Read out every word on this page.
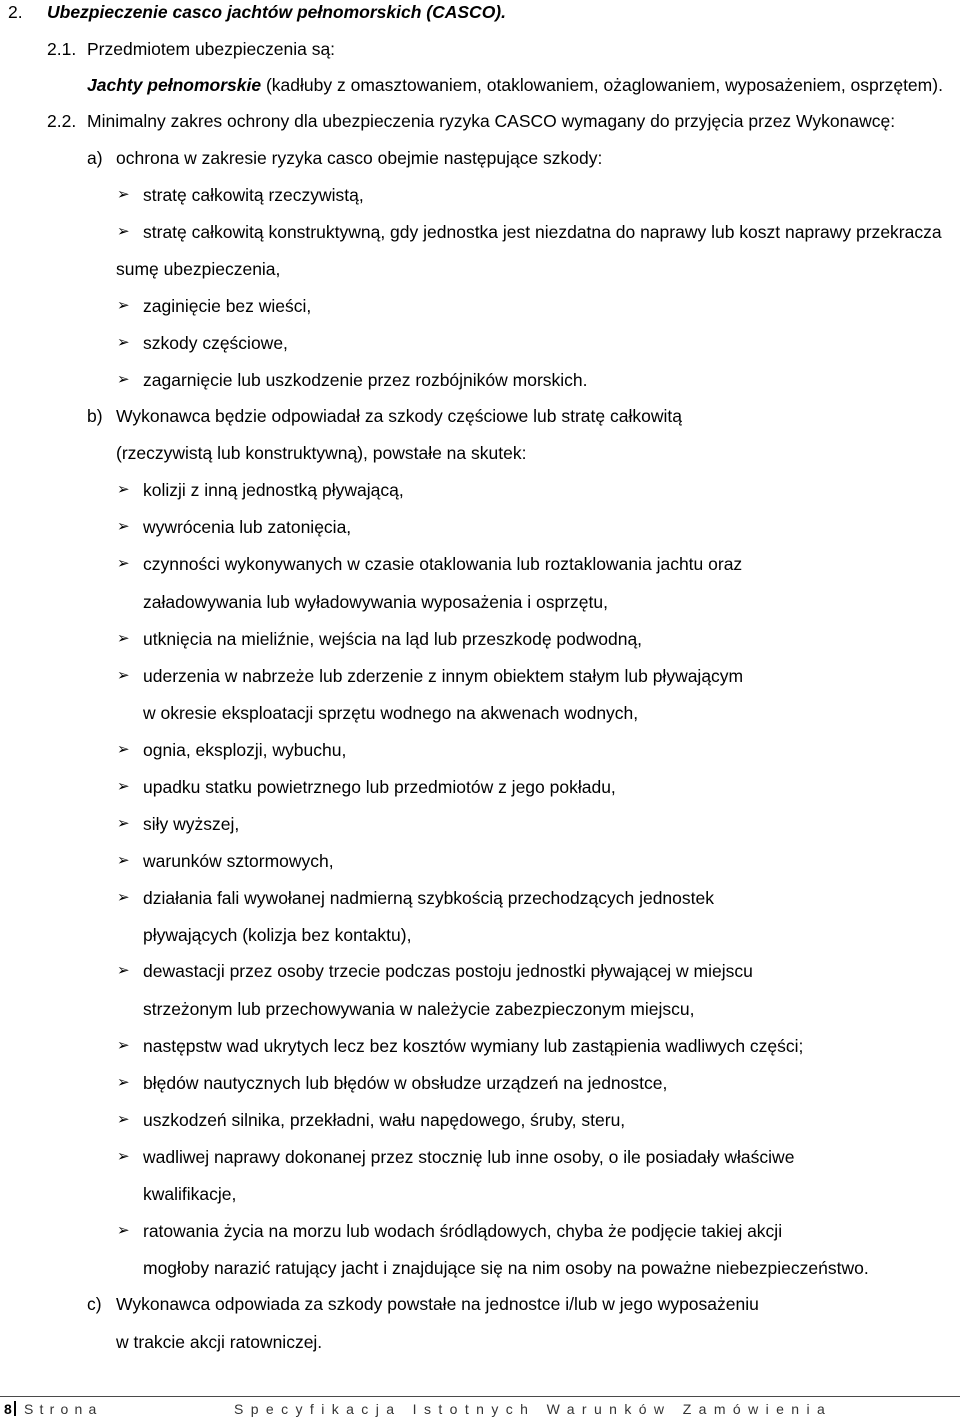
2. Ubezpieczenie casco jachtów pełnomorskich (CASCO).
2.1. Przedmiotem ubezpieczenia są:
Jachty pełnomorskie (kadłuby z omasztowaniem, otaklowaniem, ożaglowaniem, wyposażeniem, osprzętem).
2.2. Minimalny zakres ochrony dla ubezpieczenia ryzyka CASCO wymagany do przyjęcia przez Wykonawcę:
a) ochrona w zakresie ryzyka casco obejmie następujące szkody:
➢ stratę całkowitą rzeczywistą,
➢ stratę całkowitą konstruktywną, gdy jednostka jest niezdatna do naprawy lub koszt naprawy przekracza
➢ zaginięcie bez wieści,
➢ szkody częściowe,
➢ zagarnięcie lub uszkodzenie przez rozbójników morskich.
sumę ubezpieczenia,
b) Wykonawca będzie odpowiadał za szkody częściowe lub stratę całkowitą
(rzeczywistą lub konstruktywną), powstałe na skutek:
➢ kolizji z inną jednostką pływającą,
➢ wywrócenia lub zatonięcia,
➢ czynności wykonywanych w czasie otaklowania lub roztaklowania jachtu oraz
➢ utknięcia na mieliźnie, wejścia na ląd lub przeszkodę podwodną,
➢ uderzenia w nabrzeże lub zderzenie z innym obiektem stałym lub pływającym
➢ ognia, eksplozji, wybuchu,
➢ upadku statku powietrznego lub przedmiotów z jego pokładu,
➢ siły wyższej,
➢ warunków sztormowych,
➢ działania fali wywołanej nadmierną szybkością przechodzących jednostek
➢ dewastacji przez osoby trzecie podczas postoju jednostki pływającej w miejscu
➢ następstw wad ukrytych lecz bez kosztów wymiany lub zastąpienia wadliwych części;
➢ błędów nautycznych lub błędów w obsłudze urządzeń na jednostce,
➢ uszkodzeń silnika, przekładni, wału napędowego, śruby, steru,
➢ wadliwej naprawy dokonanej przez stocznię lub inne osoby, o ile posiadały właściwe
➢ ratowania życia na morzu lub wodach śródlądowych, chyba że podjęcie takiej akcji
załadowywania lub wyładowywania wyposażenia i osprzętu,
w okresie eksploatacji sprzętu wodnego na akwenach wodnych,
pływających (kolizja bez kontaktu),
strzeżonym lub przechowywania w należycie zabezpieczonym miejscu,
kwalifikacje,
mogłoby narazić ratujący jacht i znajdujące się na nim osoby na poważne niebezpieczeństwo.
c) Wykonawca odpowiada za szkody powstałe na jednostce i/lub w jego wyposażeniu
w trakcie akcji ratowniczej.
8 Strona	Specyfikacja Istotnych Warunków Zamówienia
